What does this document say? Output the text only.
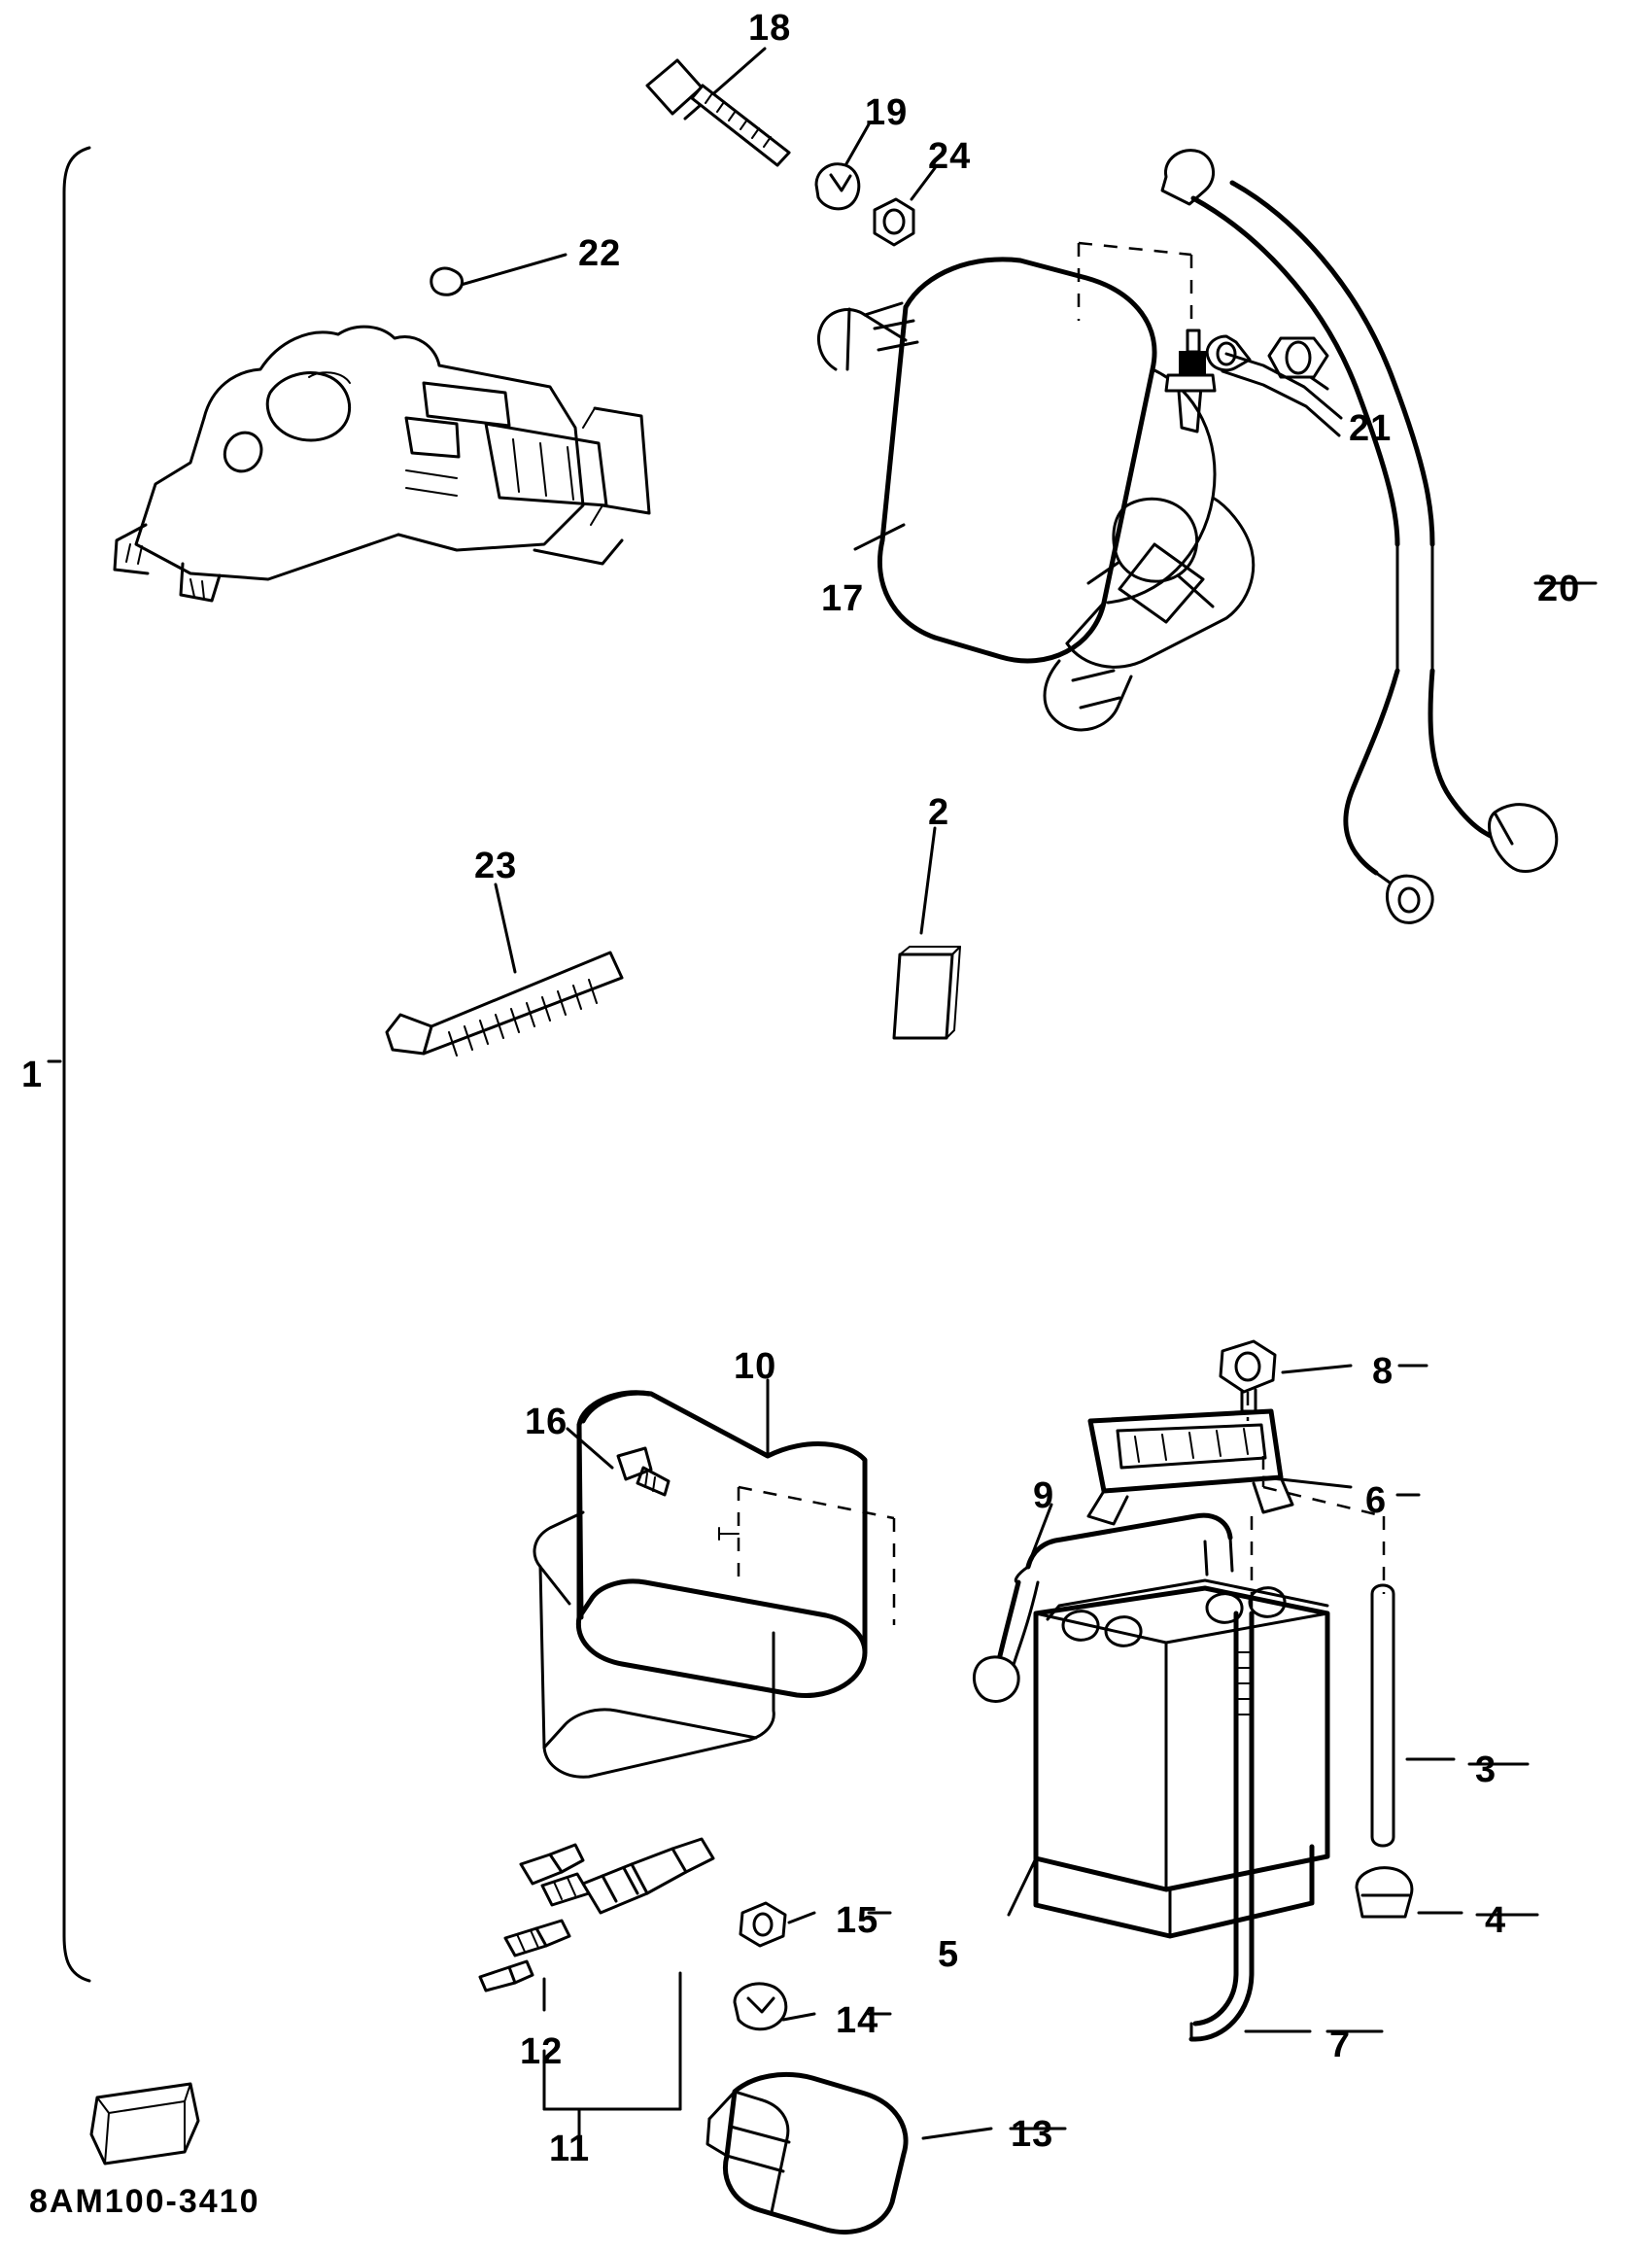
1
18
19
24
22
21
17	20
2
23
10	8
16
6
9
3
4
15
5
14
7
12
11	13
8AM100-3410
